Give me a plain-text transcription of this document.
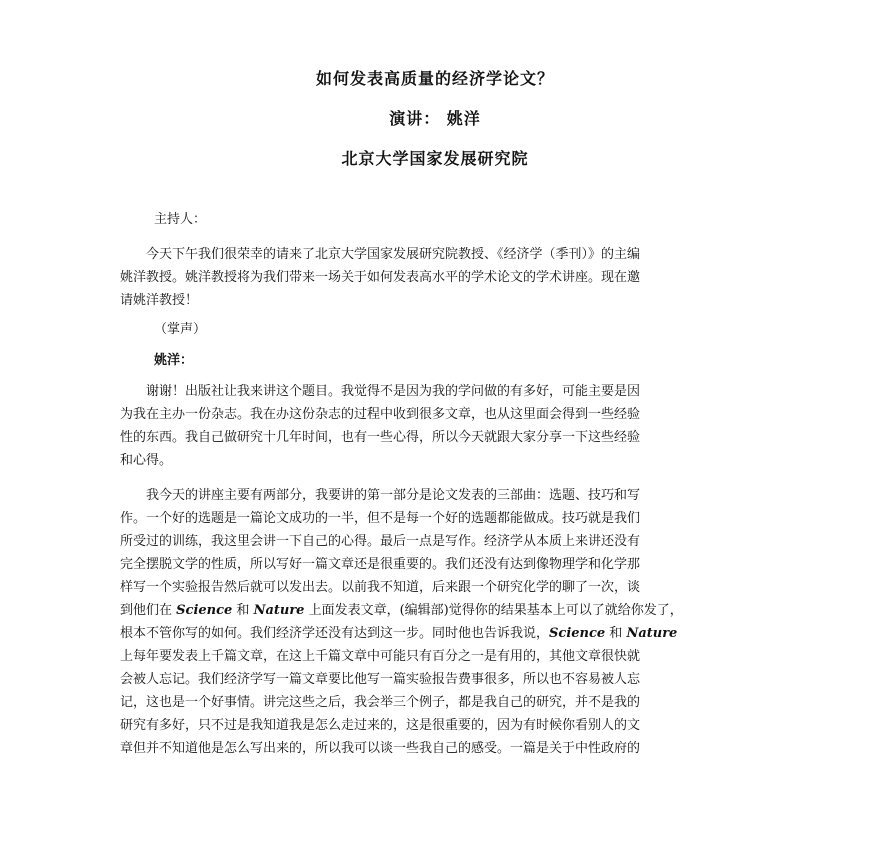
如何发表高质量的经济学论文？
演讲： 姚洋
北京大学国家发展研究院
主持人：
今天下午我们很荣幸的请来了北京大学国家发展研究院教授、《经济学（季刊）》的主编
姚洋教授。姚洋教授将为我们带来一场关于如何发表高水平的学术论文的学术讲座。现在邀
请姚洋教授！
（掌声）
姚洋：
谢谢！出版社让我来讲这个题目。我觉得不是因为我的学问做的有多好，可能主要是因
为我在主办一份杂志。我在办这份杂志的过程中收到很多文章，也从这里面会得到一些经验
性的东西。我自己做研究十几年时间，也有一些心得，所以今天就跟大家分享一下这些经验
和心得。
我今天的讲座主要有两部分，我要讲的第一部分是论文发表的三部曲：选题、技巧和写
作。一个好的选题是一篇论文成功的一半，但不是每一个好的选题都能做成。技巧就是我们
所受过的训练，我这里会讲一下自己的心得。最后一点是写作。经济学从本质上来讲还没有
完全摆脱文学的性质，所以写好一篇文章还是很重要的。我们还没有达到像物理学和化学那
样写一个实验报告然后就可以发出去。以前我不知道，后来跟一个研究化学的聊了一次，谈
到他们在 Science 和 Nature 上面发表文章，(编辑部)觉得你的结果基本上可以了就给你发了，
根本不管你写的如何。我们经济学还没有达到这一步。同时他也告诉我说，Science 和 Nature
上每年要发表上千篇文章，在这上千篇文章中可能只有百分之一是有用的，其他文章很快就
会被人忘记。我们经济学写一篇文章要比他写一篇实验报告费事很多，所以也不容易被人忘
记，这也是一个好事情。讲完这些之后，我会举三个例子，都是我自己的研究，并不是我的
研究有多好，只不过是我知道我是怎么走过来的，这是很重要的，因为有时候你看别人的文
章但并不知道他是怎么写出来的，所以我可以谈一些我自己的感受。一篇是关于中性政府的
